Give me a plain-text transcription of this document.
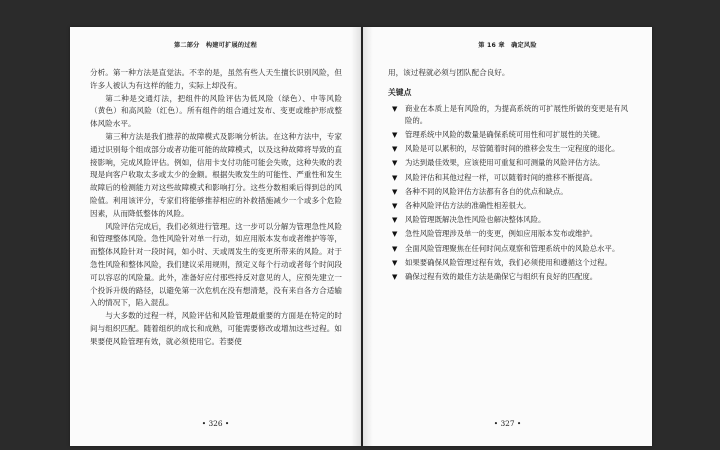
第二部分　构建可扩展的过程

分析。第一种方法是直觉法。不幸的是，虽然有些人天生擅长识别风险，但许多人被认为有这样的能力，实际上却没有。

第二种是交通灯法，把组件的风险评估为低风险（绿色）、中等风险（黄色）和高风险（红色）。所有组件的组合通过发布、变更或维护形成整体风险水平。

第三种方法是我们推荐的故障模式及影响分析法。在这种方法中，专家通过识别每个组成部分或者功能可能的故障模式，以及这种故障将导致的直接影响，完成风险评估。例如，信用卡支付功能可能会失败，这种失败的表现是向客户收取太多或太少的金额。根据失败发生的可能性、严重性和发生故障后的检测能力对这些故障模式和影响打分。这些分数相乘后得到总的风险值。利用该评分，专家们将能够推荐相应的补救措施减少一个或多个危险因素，从而降低整体的风险。

风险评估完成后，我们必须进行管理。这一步可以分解为管理急性风险和管理整体风险。急性风险针对单一行动，如应用版本发布或者维护等等，而整体风险针对一段时间，如小时、天或周发生的变更所带来的风险。对于急性风险和整体风险，我们建议采用规则，预定义每个行动或者每个时间段可以容忍的风险量。此外，准备好应付那些持反对意见的人，应预先建立一个投诉升级的路径，以避免第一次危机在没有想清楚，没有来自各方合适输入的情况下，陷入混乱。

与大多数的过程一样，风险评估和风险管理最重要的方面是在特定的时间与组织匹配。随着组织的成长和成熟，可能需要修改或增加这些过程。如果要使风险管理有效，就必须使用它。若要使

• 326 •
第 16 章　确定风险

用，该过程就必须与团队配合良好。

关键点
▼ 商业在本质上是有风险的，为提高系统的可扩展性所做的变更是有风险的。
▼ 管理系统中风险的数量是确保系统可用性和可扩展性的关键。
▼ 风险是可以累积的，尽管随着时间的推移会发生一定程度的退化。
▼ 为达到最佳效果，应该使用可重复和可测量的风险评估方法。
▼ 风险评估和其他过程一样，可以随着时间的推移不断提高。
▼ 各种不同的风险评估方法都有各自的优点和缺点。
▼ 各种风险评估方法的准确性相差很大。
▼ 风险管理既解决急性风险也解决整体风险。
▼ 急性风险管理涉及单一的变更，例如应用版本发布或维护。
▼ 全面风险管理聚焦在任何时间点观察和管理系统中的风险总水平。
▼ 如果要确保风险管理过程有效，我们必须使用和遵循这个过程。
▼ 确保过程有效的最佳方法是确保它与组织有良好的匹配度。
• 327 •
